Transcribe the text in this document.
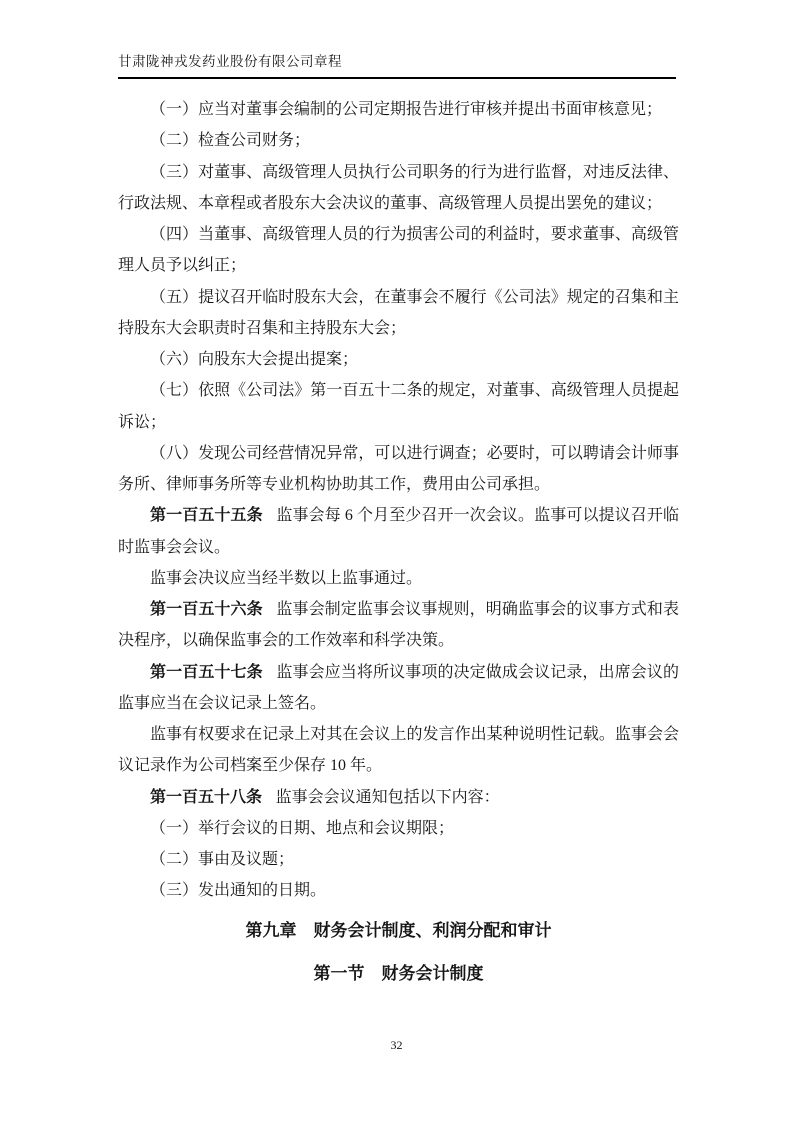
甘肃陇神戎发药业股份有限公司章程

（一）应当对董事会编制的公司定期报告进行审核并提出书面审核意见；

（二）检查公司财务；

（三）对董事、高级管理人员执行公司职务的行为进行监督，对违反法律、行政法规、本章程或者股东大会决议的董事、高级管理人员提出罢免的建议；

（四）当董事、高级管理人员的行为损害公司的利益时，要求董事、高级管理人员予以纠正；

（五）提议召开临时股东大会，在董事会不履行《公司法》规定的召集和主持股东大会职责时召集和主持股东大会；

（六）向股东大会提出提案；

（七）依照《公司法》第一百五十二条的规定，对董事、高级管理人员提起诉讼；

（八）发现公司经营情况异常，可以进行调查；必要时，可以聘请会计师事务所、律师事务所等专业机构协助其工作，费用由公司承担。

第一百五十五条 监事会每 6 个月至少召开一次会议。监事可以提议召开临时监事会会议。

监事会决议应当经半数以上监事通过。

第一百五十六条 监事会制定监事会议事规则，明确监事会的议事方式和表决程序，以确保监事会的工作效率和科学决策。

第一百五十七条 监事会应当将所议事项的决定做成会议记录，出席会议的监事应当在会议记录上签名。

监事有权要求在记录上对其在会议上的发言作出某种说明性记载。监事会会议记录作为公司档案至少保存 10 年。

第一百五十八条 监事会会议通知包括以下内容：

（一）举行会议的日期、地点和会议期限；

（二）事由及议题；

（三）发出通知的日期。

第九章　财务会计制度、利润分配和审计
第一节　财务会计制度
32
